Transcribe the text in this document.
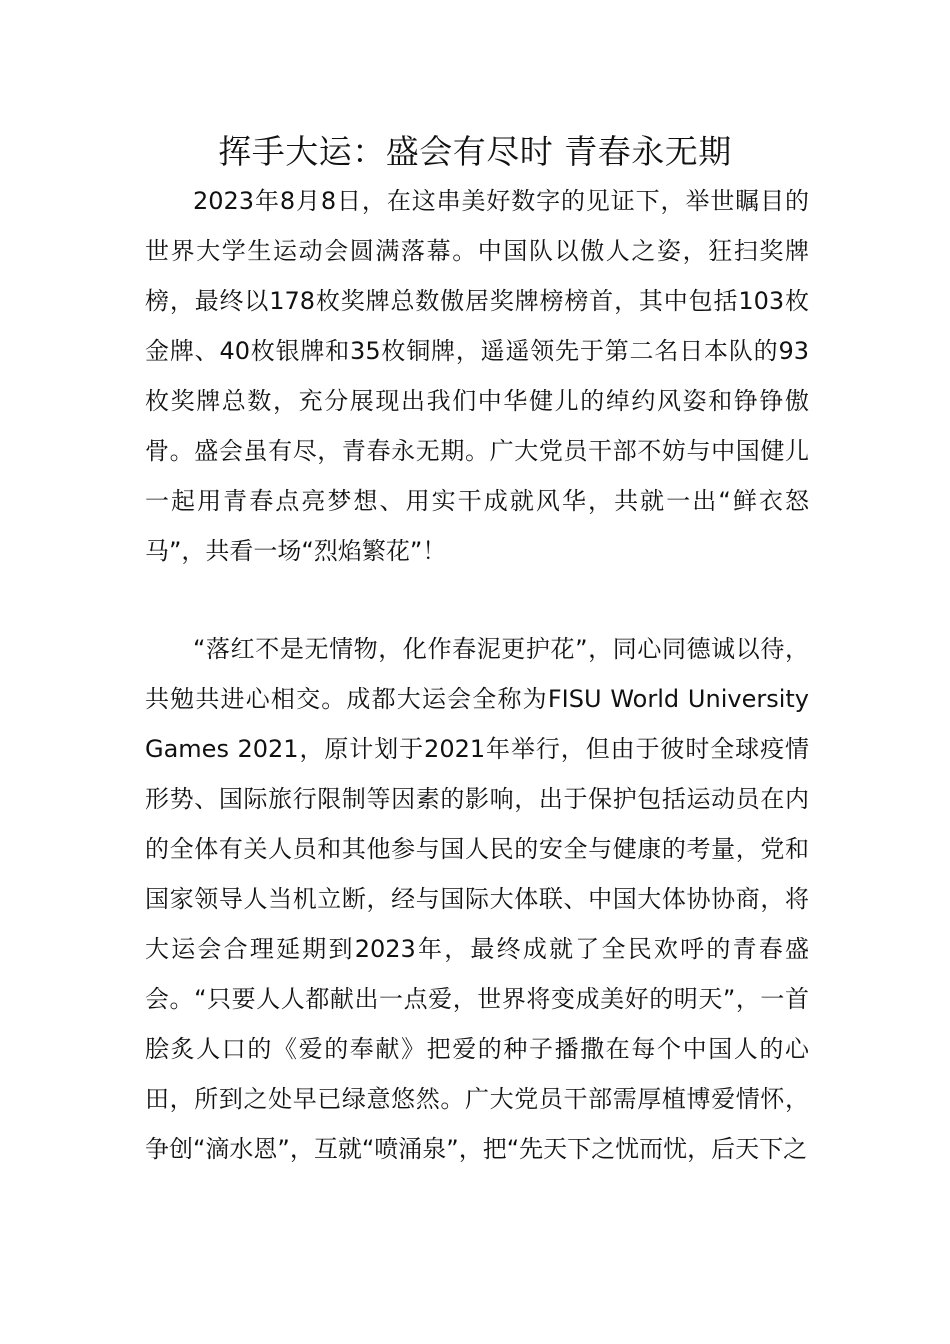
挥手大运：盛会有尽时 青春永无期

2023年8月8日，在这串美好数字的见证下，举世瞩目的世界大学生运动会圆满落幕。中国队以傲人之姿，狂扫奖牌榜，最终以178枚奖牌总数傲居奖牌榜榜首，其中包括103枚金牌、40枚银牌和35枚铜牌，遥遥领先于第二名日本队的93枚奖牌总数，充分展现出我们中华健儿的绰约风姿和铮铮傲骨。盛会虽有尽，青春永无期。广大党员干部不妨与中国健儿一起用青春点亮梦想、用实干成就风华，共就一出“鲜衣怒马”，共看一场“烈焰繁花”！

“落红不是无情物，化作春泥更护花”，同心同德诚以待，共勉共进心相交。成都大运会全称为FISU World University Games 2021，原计划于2021年举行，但由于彼时全球疫情形势、国际旅行限制等因素的影响，出于保护包括运动员在内的全体有关人员和其他参与国人民的安全与健康的考量，党和国家领导人当机立断，经与国际大体联、中国大体协协商，将大运会合理延期到2023年，最终成就了全民欢呼的青春盛会。“只要人人都献出一点爱，世界将变成美好的明天”，一首脍炙人口的《爱的奉献》把爱的种子播撒在每个中国人的心田，所到之处早已绿意悠然。广大党员干部需厚植博爱情怀，争创“滴水恩”，互就“喷涌泉”，把“先天下之忧而忧，后天下之
